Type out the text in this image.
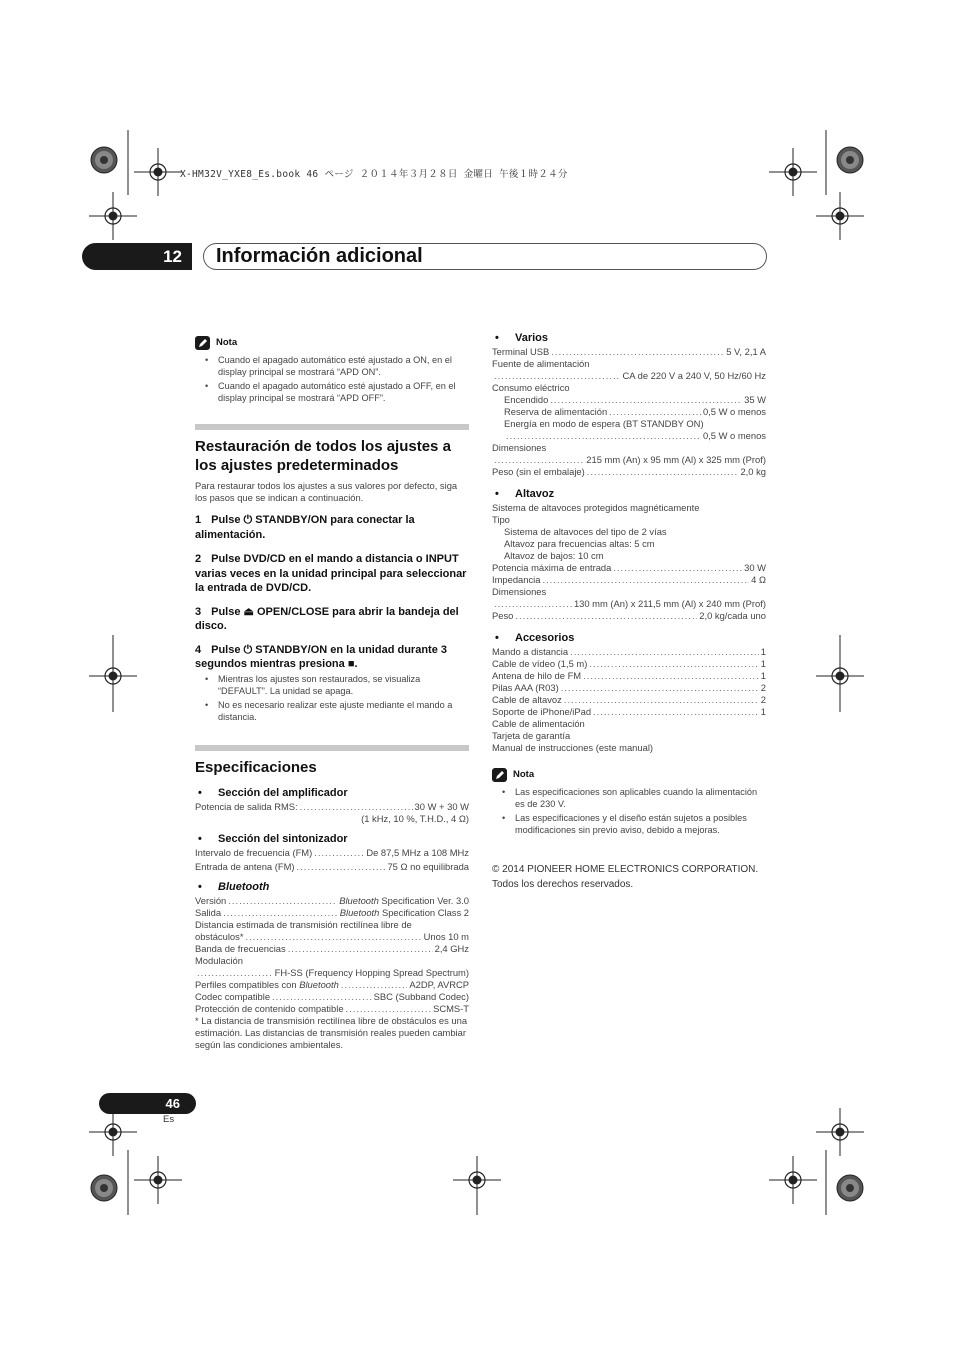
X-HM32V_YXE8_Es.book 46 ページ ２０１４年３月２８日 金曜日 午後１時２４分
12	Información adicional
Nota
• Cuando el apagado automático esté ajustado a ON, en el display principal se mostrará “APD ON”.
• Cuando el apagado automático esté ajustado a OFF, en el display principal se mostrará “APD OFF”.
Restauración de todos los ajustes a los ajustes predeterminados
Para restaurar todos los ajustes a sus valores por defecto, siga los pasos que se indican a continuación.
1 Pulse ⏻ STANDBY/ON para conectar la alimentación.
2 Pulse DVD/CD en el mando a distancia o INPUT varias veces en la unidad principal para seleccionar la entrada de DVD/CD.
3 Pulse ⏏ OPEN/CLOSE para abrir la bandeja del disco.
4 Pulse ⏻ STANDBY/ON en la unidad durante 3 segundos mientras presiona ■.
• Mientras los ajustes son restaurados, se visualiza “DEFAULT”. La unidad se apaga.
• No es necesario realizar este ajuste mediante el mando a distancia.
Especificaciones
• Sección del amplificador
Potencia de salida RMS: .....	30 W + 30 W
(1 kHz, 10 %, T.H.D., 4 Ω)
• Sección del sintonizador
Intervalo de frecuencia (FM) .....	De 87,5 MHz a 108 MHz
Entrada de antena (FM) .....	75 Ω no equilibrada
• Bluetooth
Versión .....	Bluetooth Specification Ver. 3.0
Salida .....	Bluetooth Specification Class 2
Distancia estimada de transmisión rectilínea libre de
obstáculos* .....	Unos 10 m
Banda de frecuencias .....	2,4 GHz
Modulación
.....
FH-SS (Frequency Hopping Spread Spectrum)
Perfiles compatibles con Bluetooth .....	A2DP, AVRCP
Codec compatible .....	SBC (Subband Codec)
Protección de contenido compatible .....	SCMS-T
* La distancia de transmisión rectilínea libre de obstáculos es una estimación. Las distancias de transmisión reales pueden cambiar según las condiciones ambientales.
• Varios
Terminal USB .....	5 V, 2,1 A
Fuente de alimentación
.....
CA de 220 V a 240 V, 50 Hz/60 Hz
Consumo eléctrico
Encendido .....	35 W
Reserva de alimentación .....	0,5 W o menos
Energía en modo de espera (BT STANDBY ON)
.....
0,5 W o menos
Dimensiones
.....
215 mm (An) x 95 mm (Al) x 325 mm (Prof)
Peso (sin el embalaje) .....	2,0 kg
• Altavoz
Sistema de altavoces protegidos magnéticamente
Tipo
Sistema de altavoces del tipo de 2 vías
Altavoz para frecuencias altas: 5 cm
Altavoz de bajos: 10 cm
Potencia máxima de entrada .....	30 W
Impedancia .....	4 Ω
Dimensiones
.....
130 mm (An) x 211,5 mm (Al) x 240 mm (Prof)
Peso .....	2,0 kg/cada uno
• Accesorios
Mando a distancia .....	1
Cable de vídeo (1,5 m) .....	1
Antena de hilo de FM .....	1
Pilas AAA (R03) .....	2
Cable de altavoz .....	2
Soporte de iPhone/iPad .....	1
Cable de alimentación
Tarjeta de garantía
Manual de instrucciones (este manual)
Nota
• Las especificaciones son aplicables cuando la alimentación es de 230 V.
• Las especificaciones y el diseño están sujetos a posibles modificaciones sin previo aviso, debido a mejoras.
© 2014 PIONEER HOME ELECTRONICS CORPORATION.
Todos los derechos reservados.
46
Es
